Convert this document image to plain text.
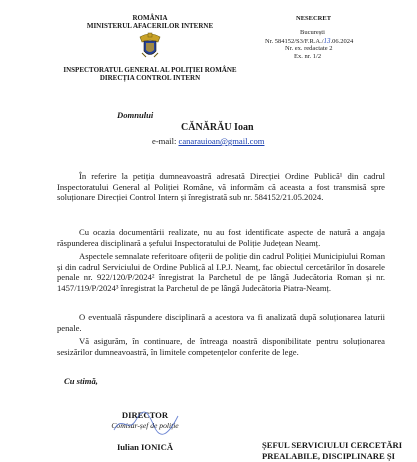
ROMÂNIA
MINISTERUL AFACERILOR INTERNE
INSPECTORATUL GENERAL AL POLIȚIEI ROMÂNE
DIRECȚIA CONTROL INTERN
NESECRET
București
Nr. 584152/S3/F.R.A./13.06.2024
Nr. ex. redactate 2
Ex. nr. 1/2
Domnului
CĂNĂRĂU Ioan
e-mail: canarauioan@gmail.com
În referire la petiția dumneavoastră adresată Direcției Ordine Publică¹ din cadrul Inspectoratului General al Poliției Române, vă informăm că aceasta a fost transmisă spre soluționare Direcției Control Intern și înregistrată sub nr. 584152/21.05.2024.
Cu ocazia documentării realizate, nu au fost identificate aspecte de natură a angaja răspunderea disciplinară a șefului Inspectoratului de Poliție Județean Neamț.
Aspectele semnalate referitoare ofițerii de poliție din cadrul Poliției Municipiului Roman și din cadrul Serviciului de Ordine Publică al I.P.J. Neamț, fac obiectul cercetărilor în dosarele penale nr. 922/120/P/2024² înregistrat la Parchetul de pe lângă Judecătoria Roman și nr. 1457/119/P/2024³ înregistrat la Parchetul de pe lângă Judecătoria Piatra-Neamț.
O eventuală răspundere disciplinară a acestora va fi analizată după soluționarea laturii penale.
Vă asigurăm, în continuare, de întreaga noastră disponibilitate pentru soluționarea sesizărilor dumneavoastră, în limitele competențelor conferite de lege.
Cu stimă,
DIRECTOR
Comisar-șef de poliție
Iulian IONICĂ	ȘEFUL SERVICIULUI CERCETĂRI
PREALABILE, DISCIPLINARE ȘI
